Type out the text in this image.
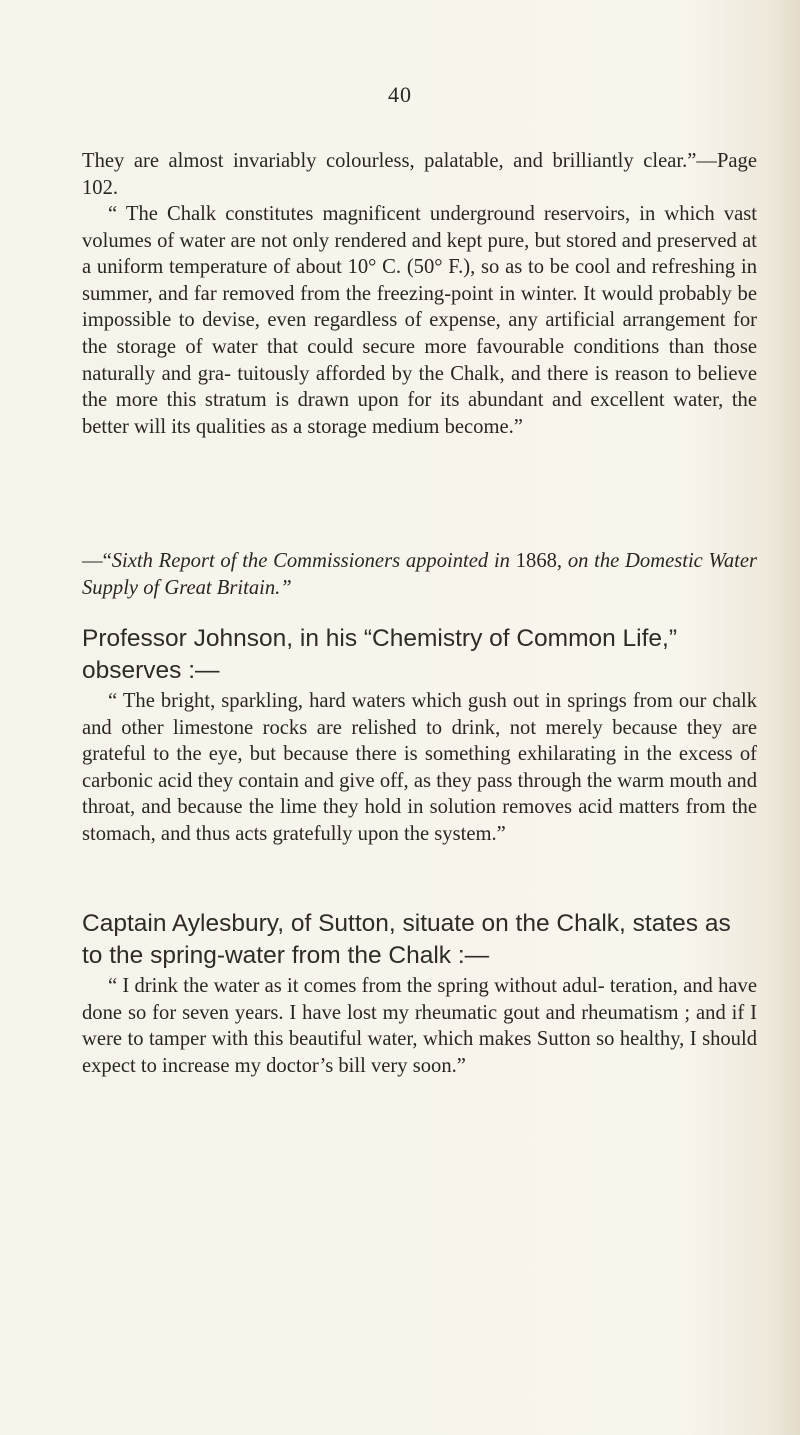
40

They are almost invariably colourless, palatable, and brilliantly clear.”—Page 102.

“ The Chalk constitutes magnificent underground reservoirs, in which vast volumes of water are not only rendered and kept pure, but stored and preserved at a uniform temperature of about 10° C. (50° F.), so as to be cool and refreshing in summer, and far removed from the freezing-point in winter. It would probably be impossible to devise, even regardless of expense, any artificial arrangement for the storage of water that could secure more favourable conditions than those naturally and gra- tuitously afforded by the Chalk, and there is reason to believe the more this stratum is drawn upon for its abundant and excellent water, the better will its qualities as a storage medium become.”

—“Sixth Report of the Commissioners appointed in 1868, on the Domestic Water Supply of Great Britain.”

Professor Johnson, in his “Chemistry of Common Life,” observes :—

“ The bright, sparkling, hard waters which gush out in springs from our chalk and other limestone rocks are relished to drink, not merely because they are grateful to the eye, but because there is something exhilarating in the excess of carbonic acid they contain and give off, as they pass through the warm mouth and throat, and because the lime they hold in solution removes acid matters from the stomach, and thus acts gratefully upon the system.”

Captain Aylesbury, of Sutton, situate on the Chalk, states as to the spring-water from the Chalk :—

“ I drink the water as it comes from the spring without adul- teration, and have done so for seven years. I have lost my rheumatic gout and rheumatism ; and if I were to tamper with this beautiful water, which makes Sutton so healthy, I should expect to increase my doctor’s bill very soon.”
